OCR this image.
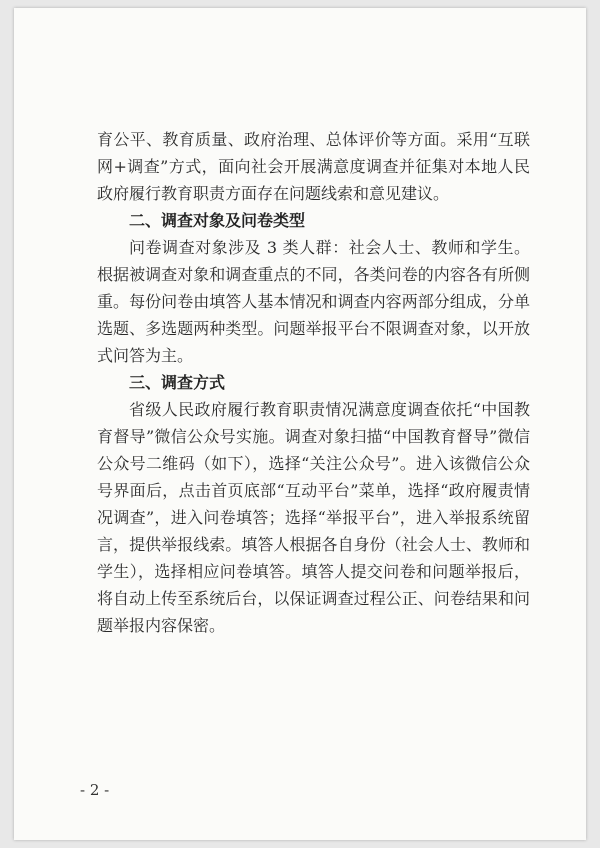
育公平、教育质量、政府治理、总体评价等方面。采用“互联网+调查”方式，面向社会开展满意度调查并征集对本地人民政府履行教育职责方面存在问题线索和意见建议。

二、调查对象及问卷类型

问卷调查对象涉及 3 类人群：社会人士、教师和学生。根据被调查对象和调查重点的不同，各类问卷的内容各有所侧重。每份问卷由填答人基本情况和调查内容两部分组成，分单选题、多选题两种类型。问题举报平台不限调查对象，以开放式问答为主。

三、调查方式

省级人民政府履行教育职责情况满意度调查依托“中国教育督导”微信公众号实施。调查对象扫描“中国教育督导”微信公众号二维码（如下），选择“关注公众号”。进入该微信公众号界面后，点击首页底部“互动平台”菜单，选择“政府履责情况调查”，进入问卷填答；选择“举报平台”，进入举报系统留言，提供举报线索。填答人根据各自身份（社会人士、教师和学生），选择相应问卷填答。填答人提交问卷和问题举报后，将自动上传至系统后台，以保证调查过程公正、问卷结果和问题举报内容保密。

- 2 -
